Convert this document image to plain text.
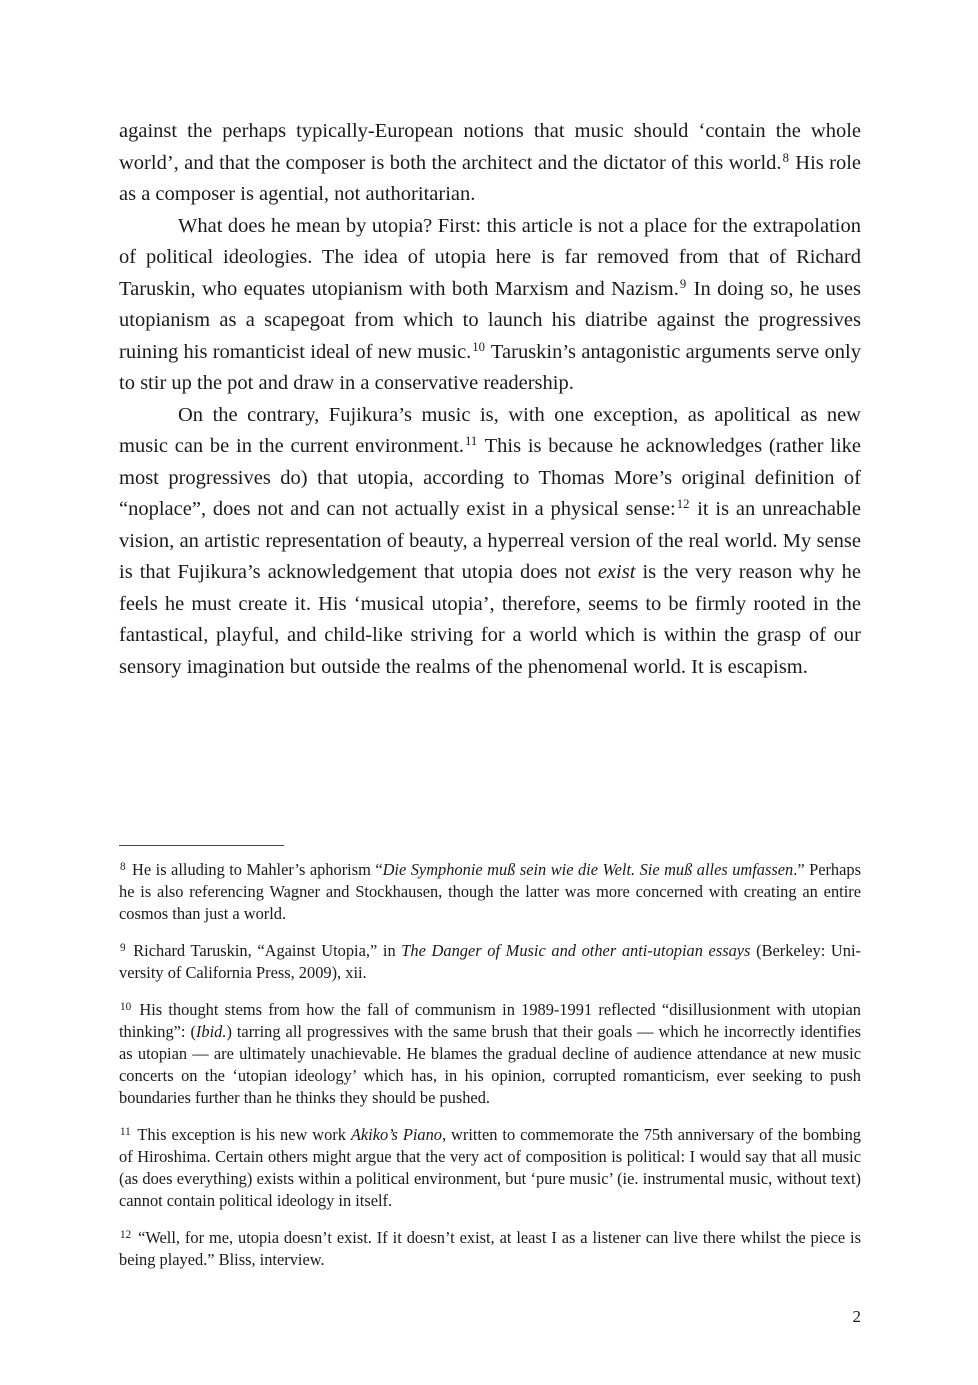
against the perhaps typically-European notions that music should ‘contain the whole world’, and that the composer is both the architect and the dictator of this world.$^8$ His role as a composer is agential, not authoritarian.

What does he mean by utopia? First: this article is not a place for the extrapolation of political ideologies. The idea of utopia here is far removed from that of Richard Taruskin, who equates utopianism with both Marxism and Nazism.$^9$ In doing so, he uses utopianism as a scapegoat from which to launch his diatribe against the progressives ruining his romanticist ideal of new music.$^{10}$ Taruskin’s antagonistic arguments serve only to stir up the pot and draw in a conservative readership.

On the contrary, Fujikura’s music is, with one exception, as apolitical as new music can be in the current environment.$^{11}$ This is because he acknowledges (rather like most progressives do) that utopia, according to Thomas More’s original definition of “noplace”, does not and can not actually exist in a physical sense:$^{12}$ it is an unreachable vision, an artistic representation of beauty, a hyperreal version of the real world. My sense is that Fujikura’s acknowledgement that utopia does not exist is the very reason why he feels he must create it. His ‘musical utopia’, therefore, seems to be firmly rooted in the fantastical, playful, and child-like striving for a world which is within the grasp of our sensory imagination but outside the realms of the phenomenal world. It is escapism.

$^8$ He is alluding to Mahler’s aphorism “Die Symphonie muß sein wie die Welt. Sie muß alles umfassen.” Perhaps he is also referencing Wagner and Stockhausen, though the latter was more concerned with creating an entire cosmos than just a world.

$^9$ Richard Taruskin, “Against Utopia,” in The Danger of Music and other anti-utopian essays (Berkeley: University of California Press, 2009), xii.

$^{10}$ His thought stems from how the fall of communism in 1989-1991 reflected “disillusionment with utopian thinking”: (Ibid.) tarring all progressives with the same brush that their goals — which he incorrectly identifies as utopian — are ultimately unachievable. He blames the gradual decline of audience attendance at new music concerts on the ‘utopian ideology’ which has, in his opinion, corrupted romanticism, ever seeking to push boundaries further than he thinks they should be pushed.

$^{11}$ This exception is his new work Akiko’s Piano, written to commemorate the 75th anniversary of the bombing of Hiroshima. Certain others might argue that the very act of composition is political: I would say that all music (as does everything) exists within a political environment, but ‘pure music’ (ie. instrumental music, without text) cannot contain political ideology in itself.

$^{12}$ “Well, for me, utopia doesn’t exist. If it doesn’t exist, at least I as a listener can live there whilst the piece is being played.” Bliss, interview.

2
